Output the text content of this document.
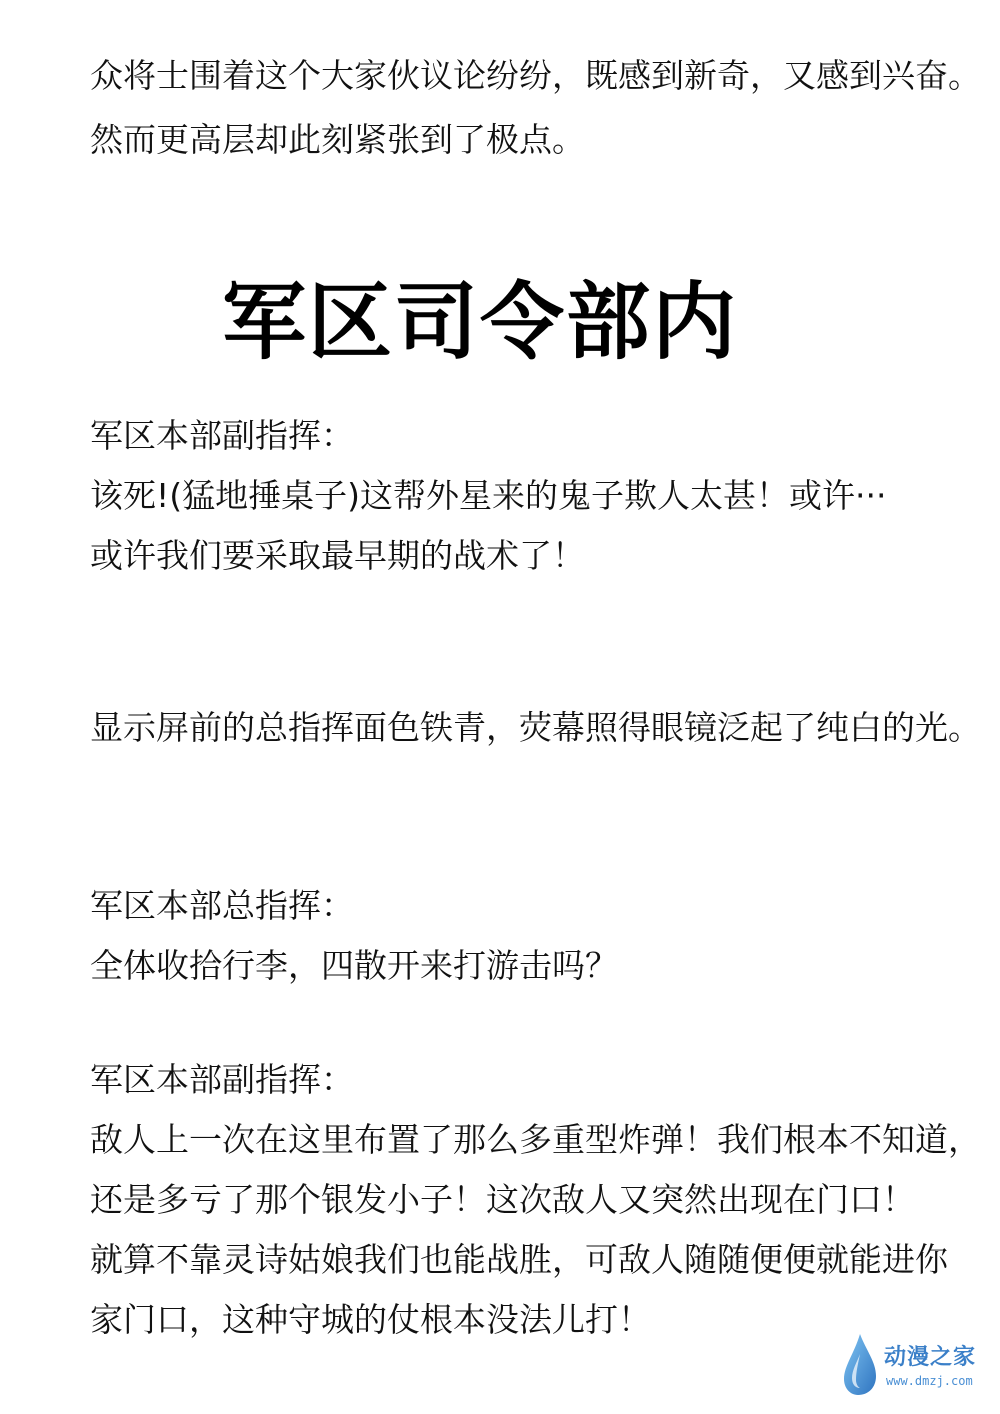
众将士围着这个大家伙议论纷纷，既感到新奇，又感到兴奋。
然而更高层却此刻紧张到了极点。
军区司令部内
军区本部副指挥：
该死!(猛地捶桌子)这帮外星来的鬼子欺人太甚！或许···
或许我们要采取最早期的战术了！
显示屏前的总指挥面色铁青，荧幕照得眼镜泛起了纯白的光。
军区本部总指挥：
全体收拾行李，四散开来打游击吗？
军区本部副指挥：
敌人上一次在这里布置了那么多重型炸弹！我们根本不知道，
还是多亏了那个银发小子！这次敌人又突然出现在门口！
就算不靠灵诗姑娘我们也能战胜，可敌人随随便便就能进你
家门口，这种守城的仗根本没法儿打！
动漫之家
www.dmzj.com
